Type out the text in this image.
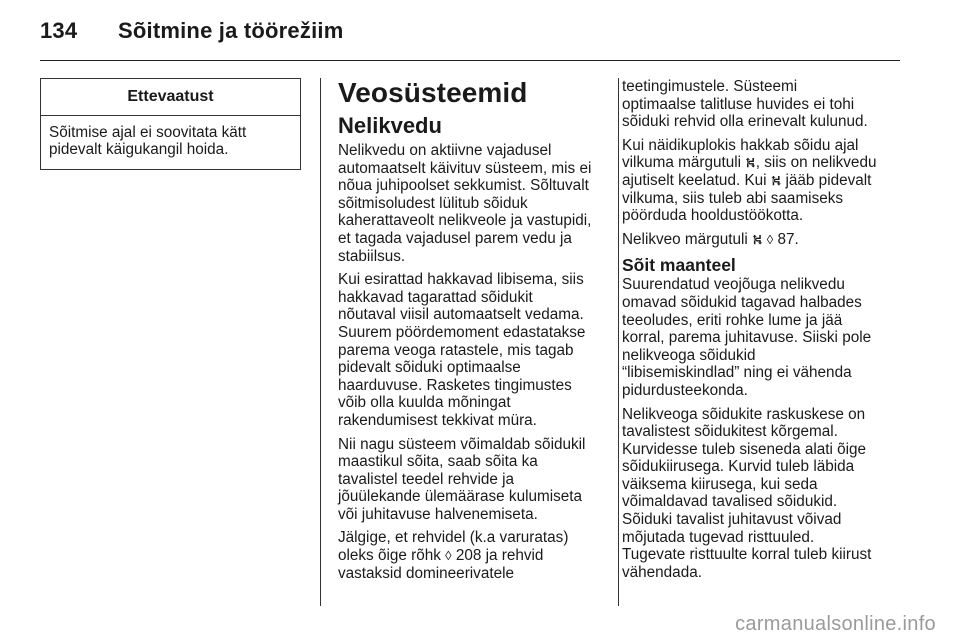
134 Sõitmine ja töörežiim
Ettevaatust
Sõitmise ajal ei soovitata kätt
pidevalt käigukangil hoida.
Veosüsteemid
Nelikvedu

Nelikvedu on aktiivne vajadusel
automaatselt käivituv süsteem, mis ei
nõua juhipoolset sekkumist. Sõltuvalt
sõitmisoludest lülitub sõiduk
kaherattaveolt nelikveole ja vastupidi,
et tagada vajadusel parem vedu ja
stabiilsus.

Kui esirattad hakkavad libisema, siis
hakkavad tagarattad sõidukit
nõutaval viisil automaatselt vedama.
Suurem pöördemoment edastatakse
parema veoga ratastele, mis tagab
pidevalt sõiduki optimaalse
haarduvuse. Rasketes tingimustes
võib olla kuulda mõningat
rakendumisest tekkivat müra.

Nii nagu süsteem võimaldab sõidukil
maastikul sõita, saab sõita ka
tavalistel teedel rehvide ja
jõuülekande ülemäärase kulumiseta
või juhitavuse halvenemiseta.

Jälgige, et rehvidel (k.a varuratas)
oleks õige rõhk ◊ 208 ja rehvid
vastaksid domineerivatele

teetingimustele. Süsteemi
optimaalse talitluse huvides ei tohi
sõiduki rehvid olla erinevalt kulunud.

Kui näidikuplokis hakkab sõidu ajal
vilkuma märgutuli ⛕, siis on nelikvedu
ajutiselt keelatud. Kui ⛕ jääb pidevalt
vilkuma, siis tuleb abi saamiseks
pöörduda hooldustöökotta.

Nelikveo märgutuli ⛕ ◊ 87.

Sõit maanteel

Suurendatud veojõuga nelikvedu
omavad sõidukid tagavad halbades
teeoludes, eriti rohke lume ja jää
korral, parema juhitavuse. Siiski pole
nelikveoga sõidukid
“libisemiskindlad” ning ei vähenda
pidurdusteekonda.

Nelikveoga sõidukite raskuskese on
tavalistest sõidukitest kõrgemal.
Kurvidesse tuleb siseneda alati õige
sõidukiirusega. Kurvid tuleb läbida
väiksema kiirusega, kui seda
võimaldavad tavalised sõidukid.
Sõiduki tavalist juhitavust võivad
mõjutada tugevad risttuuled.
Tugevate risttuulte korral tuleb kiirust
vähendada.

carmanualsonline.info
